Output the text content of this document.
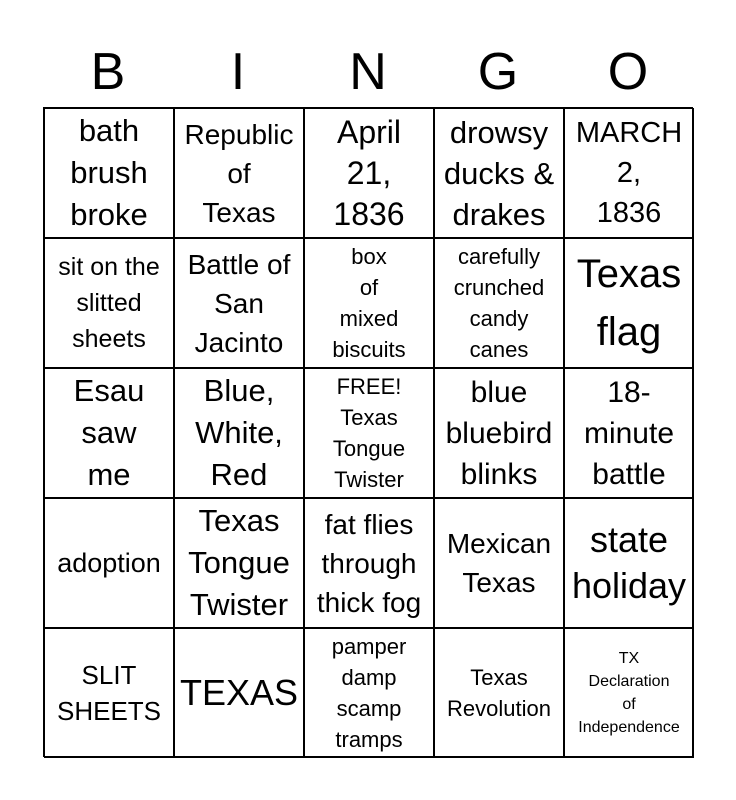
B	I	N	G	O
bath
brush
broke
Republic
of
Texas
April
21,
1836
drowsy
ducks &
drakes
MARCH
2,
1836
sit on the
slitted
sheets
Battle of
San
Jacinto
box
of
mixed
biscuits
carefully
crunched
candy
canes
Texas
flag
Esau
saw
me
Blue,
White,
Red
FREE!
Texas
Tongue
Twister
blue
bluebird
blinks
18-
minute
battle
adoption
Texas
Tongue
Twister
fat flies
through
thick fog
Mexican
Texas
state
holiday
SLIT
SHEETS TEXAS
pamper
damp
scamp
tramps
Texas
Revolution
TX
Declaration
of
Independence
